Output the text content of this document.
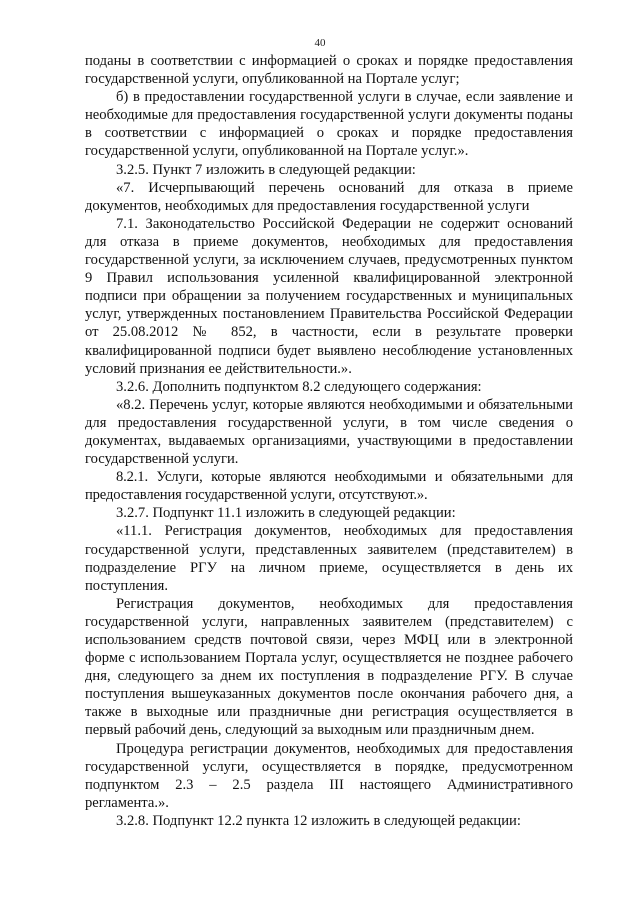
40

поданы в соответствии с информацией о сроках и порядке предоставления государственной услуги, опубликованной на Портале услуг;

б) в предоставлении государственной услуги в случае, если заявление и необходимые для предоставления государственной услуги документы поданы в соответствии с информацией о сроках и порядке предоставления государственной услуги, опубликованной на Портале услуг.».

3.2.5. Пункт 7 изложить в следующей редакции:

«7. Исчерпывающий перечень оснований для отказа в приеме документов, необходимых для предоставления государственной услуги

7.1. Законодательство Российской Федерации не содержит оснований для отказа в приеме документов, необходимых для предоставления государственной услуги, за исключением случаев, предусмотренных пунктом 9 Правил использования усиленной квалифицированной электронной подписи при обращении за получением государственных и муниципальных услуг, утвержденных постановлением Правительства Российской Федерации от 25.08.2012 № 852, в частности, если в результате проверки квалифицированной подписи будет выявлено несоблюдение установленных условий признания ее действительности.».

3.2.6. Дополнить подпунктом 8.2 следующего содержания:

«8.2. Перечень услуг, которые являются необходимыми и обязательными для предоставления государственной услуги, в том числе сведения о документах, выдаваемых организациями, участвующими в предоставлении государственной услуги.

8.2.1. Услуги, которые являются необходимыми и обязательными для предоставления государственной услуги, отсутствуют.».

3.2.7. Подпункт 11.1 изложить в следующей редакции:

«11.1. Регистрация документов, необходимых для предоставления государственной услуги, представленных заявителем (представителем) в подразделение РГУ на личном приеме, осуществляется в день их поступления.

Регистрация документов, необходимых для предоставления государственной услуги, направленных заявителем (представителем) с использованием средств почтовой связи, через МФЦ или в электронной форме с использованием Портала услуг, осуществляется не позднее рабочего дня, следующего за днем их поступления в подразделение РГУ. В случае поступления вышеуказанных документов после окончания рабочего дня, а также в выходные или праздничные дни регистрация осуществляется в первый рабочий день, следующий за выходным или праздничным днем.

Процедура регистрации документов, необходимых для предоставления государственной услуги, осуществляется в порядке, предусмотренном подпунктом 2.3 – 2.5 раздела III настоящего Административного регламента.».

3.2.8. Подпункт 12.2 пункта 12 изложить в следующей редакции:
